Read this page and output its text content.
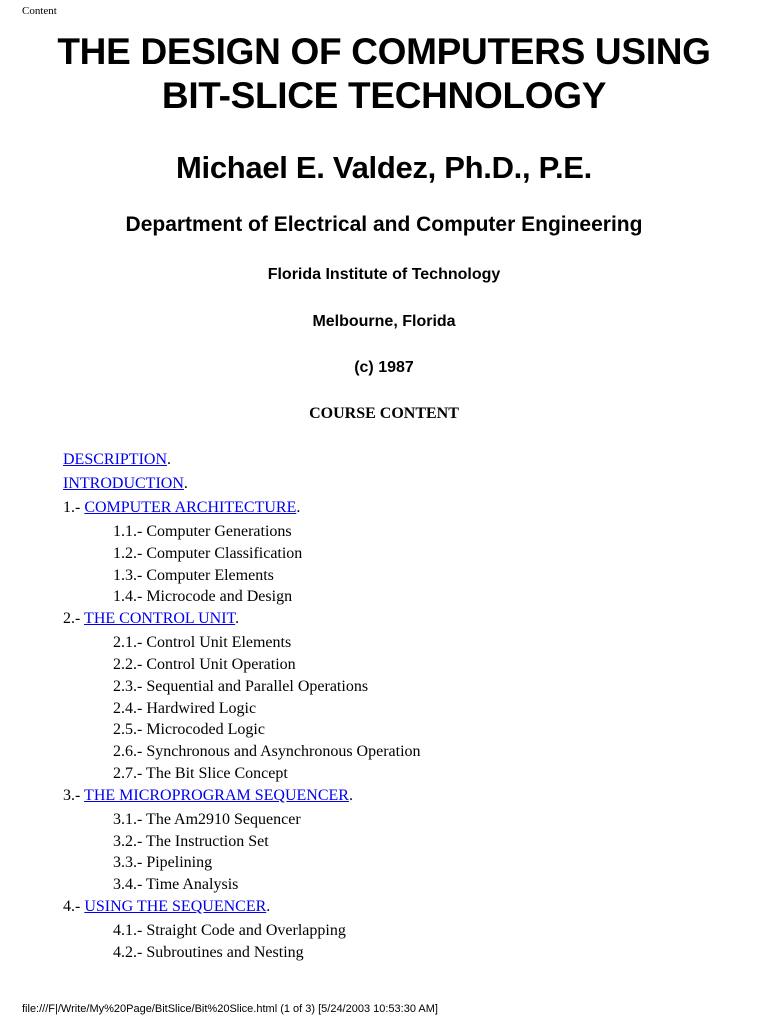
Content
THE DESIGN OF COMPUTERS USING
BIT-SLICE TECHNOLOGY
Michael E. Valdez, Ph.D., P.E.
Department of Electrical and Computer Engineering

Florida Institute of Technology

Melbourne, Florida

(c) 1987

COURSE CONTENT

DESCRIPTION.
INTRODUCTION.
1.- COMPUTER ARCHITECTURE.
1.1.- Computer Generations
1.2.- Computer Classification
1.3.- Computer Elements
1.4.- Microcode and Design
2.- THE CONTROL UNIT.
2.1.- Control Unit Elements
2.2.- Control Unit Operation
2.3.- Sequential and Parallel Operations
2.4.- Hardwired Logic
2.5.- Microcoded Logic
2.6.- Synchronous and Asynchronous Operation
2.7.- The Bit Slice Concept
3.- THE MICROPROGRAM SEQUENCER.
3.1.- The Am2910 Sequencer
3.2.- The Instruction Set
3.3.- Pipelining
3.4.- Time Analysis
4.- USING THE SEQUENCER.
4.1.- Straight Code and Overlapping
4.2.- Subroutines and Nesting
file:///F|/Write/My%20Page/BitSlice/Bit%20Slice.html (1 of 3) [5/24/2003 10:53:30 AM]
